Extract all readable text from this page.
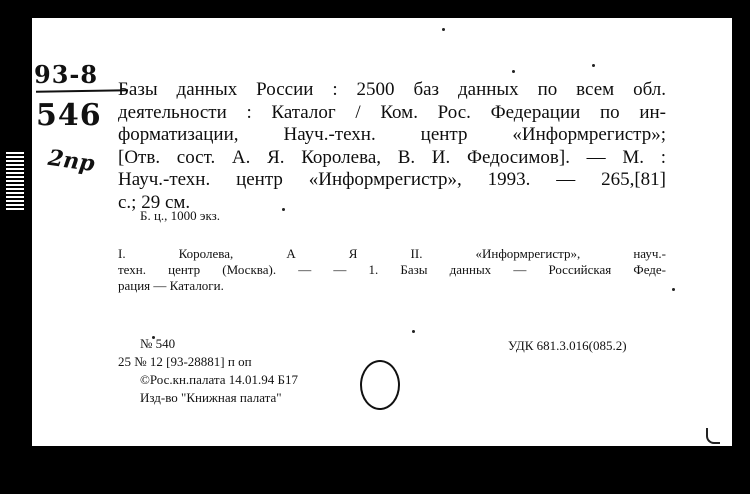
93-8
546
2пр
Базы данных России : 2500 баз данных по всем обл.
деятельности : Каталог / Ком. Рос. Федерации по ин-
форматизации, Науч.-техн. центр «Информрегистр»;
[Отв. сост. А. Я. Королева, В. И. Федосимов]. — М. :
Науч.-техн. центр «Информрегистр», 1993. — 265,[81]
с.; 29 см.
Б. ц., 1000 экз.
I. Королева, А Я II. «Информрегистр», науч.-
техн. центр (Москва). — — 1. Базы данных — Российская Феде-
рация — Каталоги.
№ 540
25 № 12 [93-28881] п оп
УДК 681.3.016(085.2)
©Рос.кн.палата 14.01.94 Б17
Изд-во "Книжная палата"
